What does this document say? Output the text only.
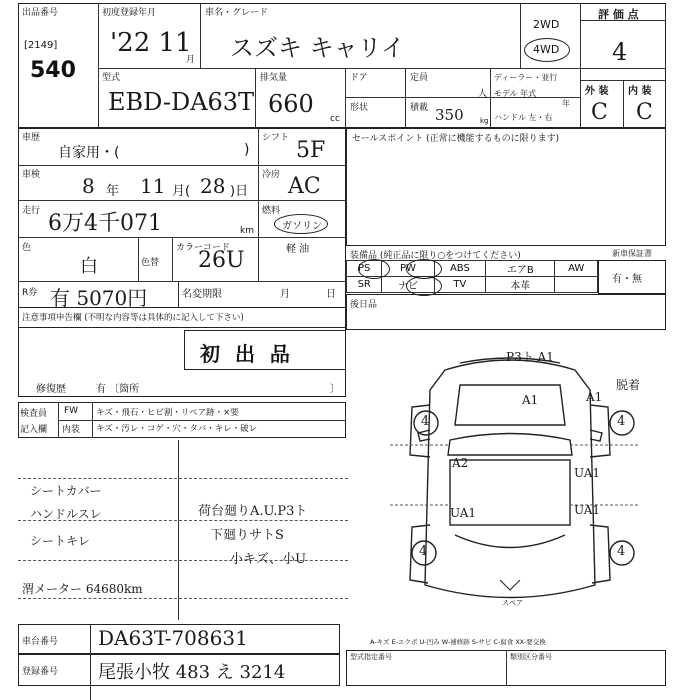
出品番号
[2149]
540
初度登録年月
'22 11
月
車名・グレード
スズキ キャリイ
2WD
4WD
評 価 点
4
型式
EBD-DA63T
排気量
660
cc
ドア	定員
人
ディーラー・並行
モデル 年式
年
ハンドル 左・右
形状	積載 350 kg
外 装 内 装
C C
車歴
自家用・(	)
車検 8 年 11 月( 28 )日
走行 6万4千071	km
色
白	色替
カラーコード
26U
R券 有 5070円	名変期限	月	日
シフト 5F
冷房 AC
燃料
ガソリン
軽 油
注意事項申告欄 (不明な内容等は具体的に記入して下さい)
初 出 品
修復歴	有 〔箇所	〕
検査員
記入欄
FW キズ・飛石・ヒビ割・リペア跡・×要
内装 キズ・汚レ・コゲ・穴・タバ・キレ・破レ
セールスポイント (正常に機能するものに限ります)
装備品 (純正品に限り○をつけてください)	新車保証書
PS	PW	ABS	エアB	AW
SR	ナビ	TV	本革	
有・無
後日品
シートカバー
ハンドルスレ
シートキレ
荷台廻りA.U.P3ト
下廻りサトS
小キズ、小U
渭メーター 64680km
P3ト A1
脱着
A1	A1
A2
UA1
UA1	UA1
4	4
4	4
スペア
A-キズ E-エクボ U-凹み W-補修跡 S-サビ C-腐食 XX-要交換
車台番号 DA63T-708631
登録番号 尾張小牧 483 え 3214
型式指定番号	類別区分番号
